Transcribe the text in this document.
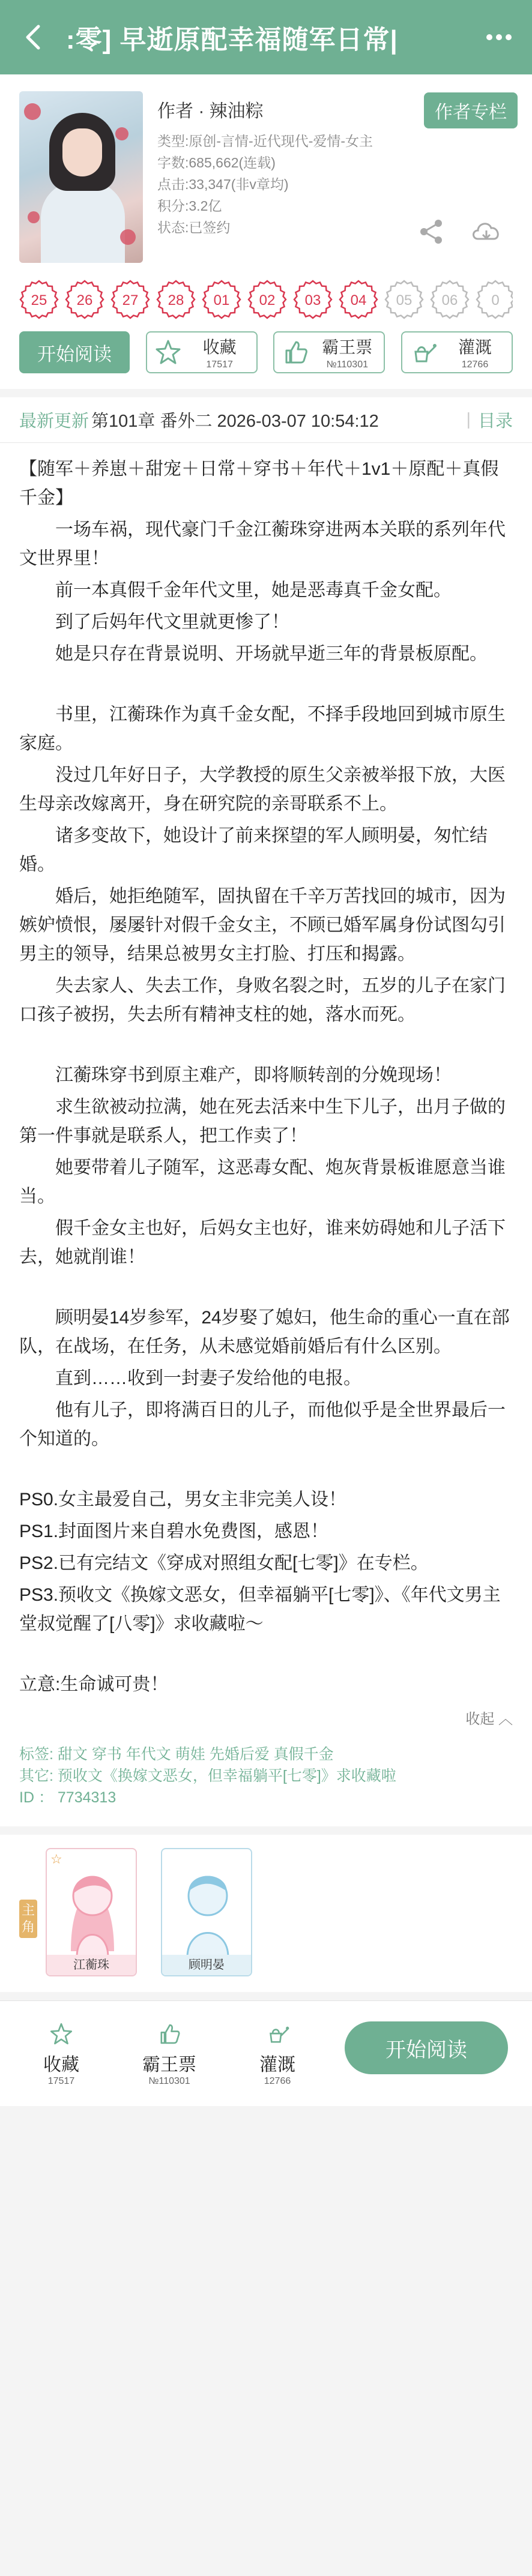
:零] 早逝原配幸福随军日常|
作者 · 辣油粽	作者专栏
类型:原创-言情-近代现代-爱情-女主
字数:685,662(连载)
点击:33,347(非v章均)
积分:3.2亿
状态:已签约
25 26 27 28 01 02 03 04 05 06 0
开始阅读	收藏
17517
霸王票
№110301
灌溉
12766
最新更新 第101章 番外二 2026-03-07 10:54:12	| 目录

【随军＋养崽＋甜宠＋日常＋穿书＋年代＋1v1＋原配＋真假千金】

一场车祸，现代豪门千金江蘅珠穿进两本关联的系列年代文世界里！

前一本真假千金年代文里，她是恶毒真千金女配。

到了后妈年代文里就更惨了！

她是只存在背景说明、开场就早逝三年的背景板原配。

书里，江蘅珠作为真千金女配，不择手段地回到城市原生家庭。

没过几年好日子，大学教授的原生父亲被举报下放，大医生母亲改嫁离开，身在研究院的亲哥联系不上。

诸多变故下，她设计了前来探望的军人顾明晏，匆忙结婚。

婚后，她拒绝随军，固执留在千辛万苦找回的城市，因为嫉妒愤恨，屡屡针对假千金女主，不顾已婚军属身份试图勾引男主的领导，结果总被男女主打脸、打压和揭露。

失去家人、失去工作，身败名裂之时，五岁的儿子在家门口孩子被拐，失去所有精神支柱的她，落水而死。

江蘅珠穿书到原主难产，即将顺转剖的分娩现场！

求生欲被动拉满，她在死去活来中生下儿子，出月子做的第一件事就是联系人，把工作卖了！

她要带着儿子随军，这恶毒女配、炮灰背景板谁愿意当谁当。

假千金女主也好，后妈女主也好，谁来妨碍她和儿子活下去，她就削谁！

顾明晏14岁参军，24岁娶了媳妇，他生命的重心一直在部队，在战场，在任务，从未感觉婚前婚后有什么区别。

直到……收到一封妻子发给他的电报。

他有儿子，即将满百日的儿子，而他似乎是全世界最后一个知道的。

PS0.女主最爱自己，男女主非完美人设！

PS1.封面图片来自碧水免费图，感恩！

PS2.已有完结文《穿成对照组女配[七零]》在专栏。

PS3.预收文《换嫁文恶女，但幸福躺平[七零]》、《年代文男主堂叔觉醒了[八零]》求收藏啦～

立意:生命诚可贵！

收起 ︿
标签: 甜文 穿书 年代文 萌娃 先婚后爱 真假千金
其它: 预收文《换嫁文恶女，但幸福躺平[七零]》求收藏啦
ID ： 7734313
主角
☆
江蘅珠	顾明晏
收藏
17517
霸王票
№110301
灌溉
12766
开始阅读
